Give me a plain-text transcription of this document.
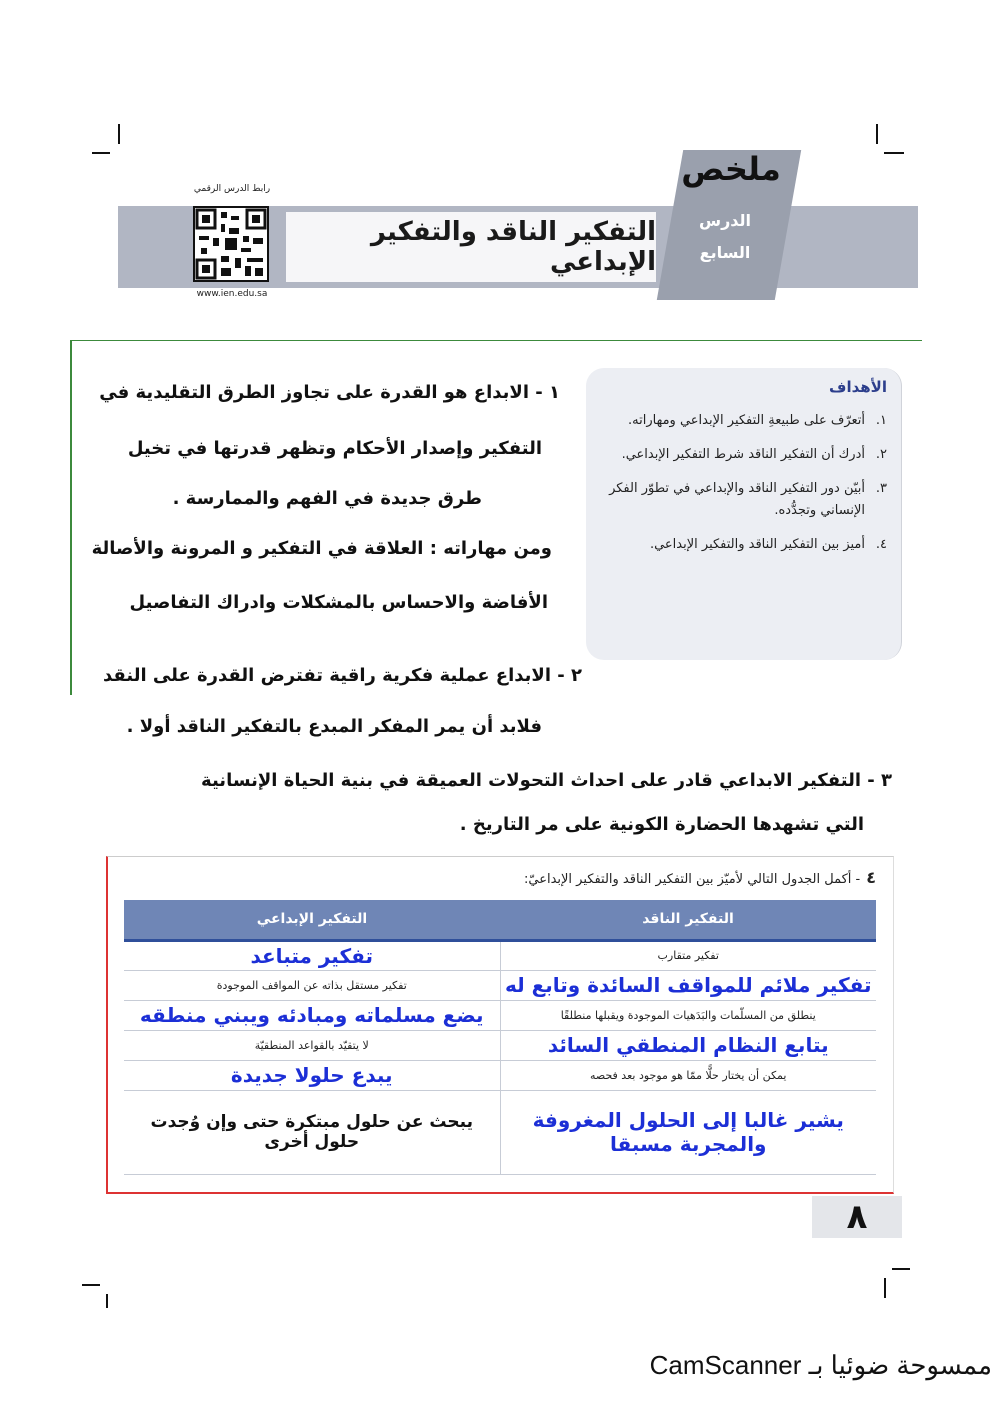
ملخص
الدرس
السابع
التفكير الناقد والتفكير الإبداعي
رابط الدرس الرقمي
www.ien.edu.sa
الأهداف
١.
أتعرّف على طبيعةِ التفكير الإبداعي ومهاراته.
٢.
أدرك أن التفكير الناقد شرط التفكير الإبداعي.
٣.
أبيّن دور التفكير الناقد والإبداعي في تطوّر الفكر الإنساني وتجدُّده.
٤.
أميز بين التفكير الناقد والتفكير الإبداعي.
١ - الابداع هو القدرة على تجاوز الطرق التقليدية في
التفكير وإصدار الأحكام وتظهر قدرتها في تخيل
طرق جديدة في الفهم والممارسة .
ومن مهاراته : العلاقة في التفكير و المرونة والأصالة
الأفاضة والاحساس بالمشكلات وادراك التفاصيل
٢ - الابداع عملية فكرية راقية تفترض القدرة على النقد
فلابد أن يمر المفكر المبدع بالتفكير الناقد أولا .
٣ - التفكير الابداعي قادر على احداث التحولات العميقة في بنية الحياة الإنسانية
التي تشهدها الحضارة الكونية على مر التاريخ .
٤- أكمل الجدول التالي لأميّز بين التفكير الناقد والتفكير الإبداعيّ:
التفكير الناقد	التفكير الإبداعي
تفكير متقارب	تفكير متباعد
تفكير ملائم للمواقف السائدة وتابع له	تفكير مستقل بذاته عن المواقف الموجودة
ينطلق من المسلّمات والبَدَهيات الموجودة ويقبلها منطلقًا	يضع مسلماته ومبادئه ويبني منطقه
يتابع النظام المنطقي السائد	لا يتقيّد بالقواعد المنطقيّة
يمكن أن يختار حلًّا ممّا هو موجود بعد فحصه	يبدع حلولا جديدة

يشير غالبا إلى الحلول المغروفة
والمجربة مسبقا	يبحث عن حلول مبتكرة حتى وإن وُجدت حلول أخرى
٨
ممسوحة ضوئيا بـ CamScanner
